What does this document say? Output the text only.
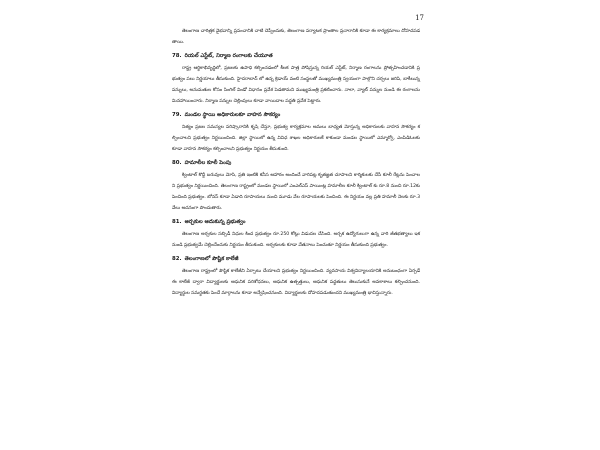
17

తెలంగాణ చారిత్రక వైభవాన్ని ప్రపంచానికి చాటి చెప్పేందుకు, తెలంగాణ పర్యాటక ప్రాంతాల ప్రచారానికి కూడా ఈ కార్యక్రమాలు దోహదపడతాయి.

78. రియల్ ఎస్టేట్, నిర్మాణ రంగాలకు చేయూత

రాష్ట్ర ఆర్థికాభివృద్ధిలో, ప్రజలకు ఉపాధి కల్పించడంలో కీలక పాత్ర పోషిస్తున్న రియల్ ఎస్టేట్, నిర్మాణ రంగాలను ప్రోత్సహించడానికి ప్రభుత్వం పలు నిర్ణయాలు తీసుకుంది. హైదరాబాద్ లో ఉన్న క్రెడాయ్ వంటి సంస్థలతో ముఖ్యమంత్రి స్వయంగా పాల్గొని చర్చలు జరిపి, బాకీలున్న పన్నులు, అనుమతుల కోసం సింగిల్ విండో విధానం ప్రవేశ పెడతామని ముఖ్యమంత్రి ప్రకటించారు. నాలా, వ్యాట్ పన్నుల నుండి ఈ రంగాలను మినహాయించారు. నిర్మాణ పన్నుల చెల్లింపులు కూడా వాయిదాల పద్ధతి ప్రవేశ పెట్టారు.

79. మండల స్థాయి అధికారులకూ వాహన సౌకర్యం

నిత్యం ప్రజల సమస్యల పరిష్కారానికి కృషి చేస్తూ, ప్రభుత్వ కార్యక్రమాల అమలు బాధ్యత మోస్తున్న అధికారులకు వాహన సౌకర్యం కల్పించాలని ప్రభుత్వం నిర్ణయించింది. జిల్లా స్థాయిలో ఉన్న వివిధ శాఖల అధికారులకే కాకుండా మండల స్థాయిలో ఎమ్మార్వో, ఎంపిడిఓలకు కూడా వాహన సౌకర్యం కల్పించాలని ప్రభుత్వం నిర్ణయం తీసుకుంది.

80. హమాలీల కూలీ పెంపు

క్వింటాల్ కొద్దీ బరువులు మోసి, ప్రతి ఇంటికి కనీస ఆహారం అందించే వారిపట్ల కృతజ్ఞత చూపాలని కార్మికులకు చేసే కూలీ రేట్లను పెంచాలని ప్రభుత్వం నిర్ణయించింది. తెలంగాణ రాష్ట్రంలో మండల స్థాయిలో ఎంఎల్ఎస్ పాయింట్ల హమాలీల కూలీ క్వింటాల్ కు రూ.8 నుంచి రూ.12కు పెంచింది ప్రభుత్వం. బోనస్ కూడా ఏడాది రూపాయలు నుంచి మూడు వేల రూపాయలకు పెంచింది. ఈ నిర్ణయం వల్ల ప్రతి హమాలీ నెలకు రూ.3 వేలు అదనంగా పొందుతారు.

81. అర్చకుల ఆదుకున్న ప్రభుత్వం

తెలంగాణ అర్చకుల సబ్సిడీ నిధుల కింద ప్రభుత్వం రూ.250 కోట్లు విడుదల చేసింది. అర్చక ఉద్యోగులుగా ఉన్న వారి జీతభత్యాలు ఇక నుండి ప్రభుత్వమే చెల్లించేందుకు నిర్ణయం తీసుకుంది. అర్చకులకు కూడా వేతనాలు పెంచుతూ నిర్ణయం తీసుకుంది ప్రభుత్వం.

82. తెలంగాణలో పౌష్టిక కాలేజీ

తెలంగాణ రాష్ట్రంలో పౌష్టిక కాలేజీని ఏర్పాటు చేయాలని ప్రభుత్వం నిర్ణయించింది. వ్యవసాయ విశ్వవిద్యాలయానికి అనుబంధంగా ఏర్పడే ఈ కాలేజీ ద్వారా విద్యార్థులకు ఆధునిక పరిశోధనలు, ఆధునిక ఉత్పత్తులు, ఆధునిక పద్ధతులు తెలుసుకునే అవకాశాలు కల్పించనుంది. విద్యార్థుల సమర్థతకు పెంచే మార్గాలను కూడా అన్వేషించనుంది. విద్యార్థులకు దోహదపడుతుందని ముఖ్యమంత్రి భావిస్తున్నారు.
